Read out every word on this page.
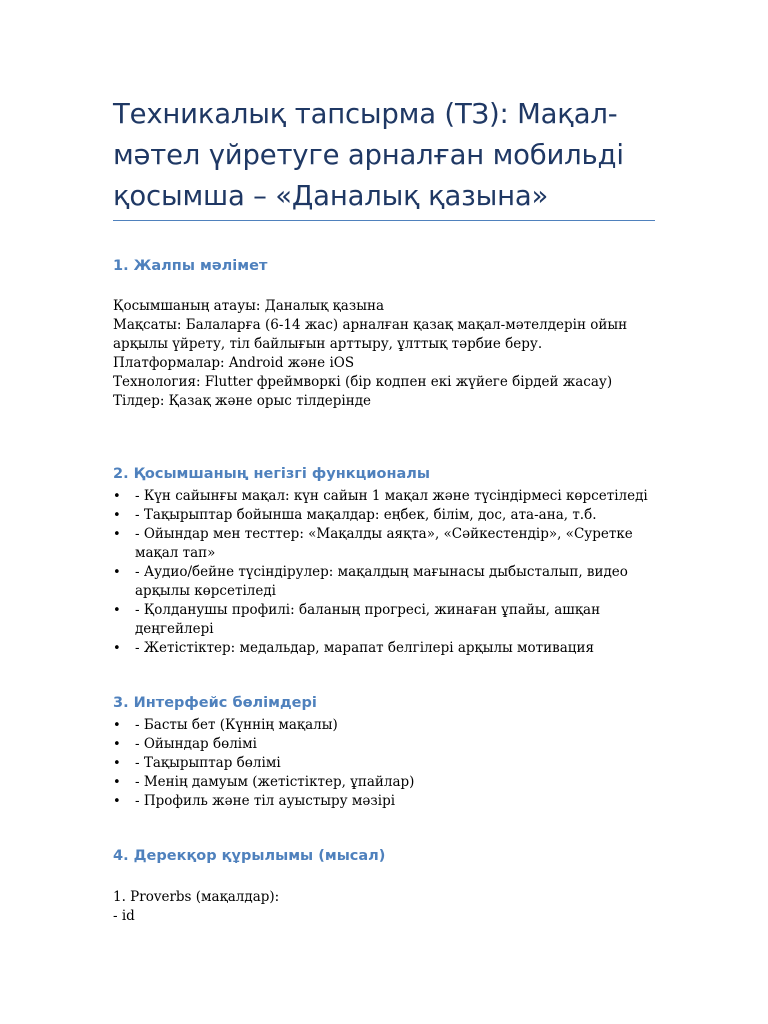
Техникалық тапсырма (ТЗ): Мақал-мәтел үйретуге арналған мобильді қосымша – «Даналық қазына»
1. Жалпы мәлімет

Қосымшаның атауы: Даналық қазына

Мақсаты: Балаларға (6-14 жас) арналған қазақ мақал-мәтелдерін ойын арқылы үйрету, тіл байлығын арттыру, ұлттық тәрбие беру.

Платформалар: Android және iOS

Технология: Flutter фреймворкі (бір кодпен екі жүйеге бірдей жасау)

Тілдер: Қазақ және орыс тілдерінде

2. Қосымшаның негізгі функционалы
•	- Күн сайынғы мақал: күн сайын 1 мақал және түсіндірмесі көрсетіледі
•	- Тақырыптар бойынша мақалдар: еңбек, білім, дос, ата-ана, т.б.
•	- Ойындар мен тесттер: «Мақалды аяқта», «Сәйкестендір», «Суретке мақал тап»
•	- Аудио/бейне түсіндірулер: мақалдың мағынасы дыбысталып, видео арқылы көрсетіледі
•	- Қолданушы профилі: баланың прогресі, жинаған ұпайы, ашқан деңгейлері
•	- Жетістіктер: медальдар, марапат белгілері арқылы мотивация
3. Интерфейс бөлімдері
•	- Басты бет (Күннің мақалы)
•	- Ойындар бөлімі
•	- Тақырыптар бөлімі
•	- Менің дамуым (жетістіктер, ұпайлар)
•	- Профиль және тіл ауыстыру мәзірі
4. Дерекқор құрылымы (мысал)

1. Proverbs (мақалдар):

- id
